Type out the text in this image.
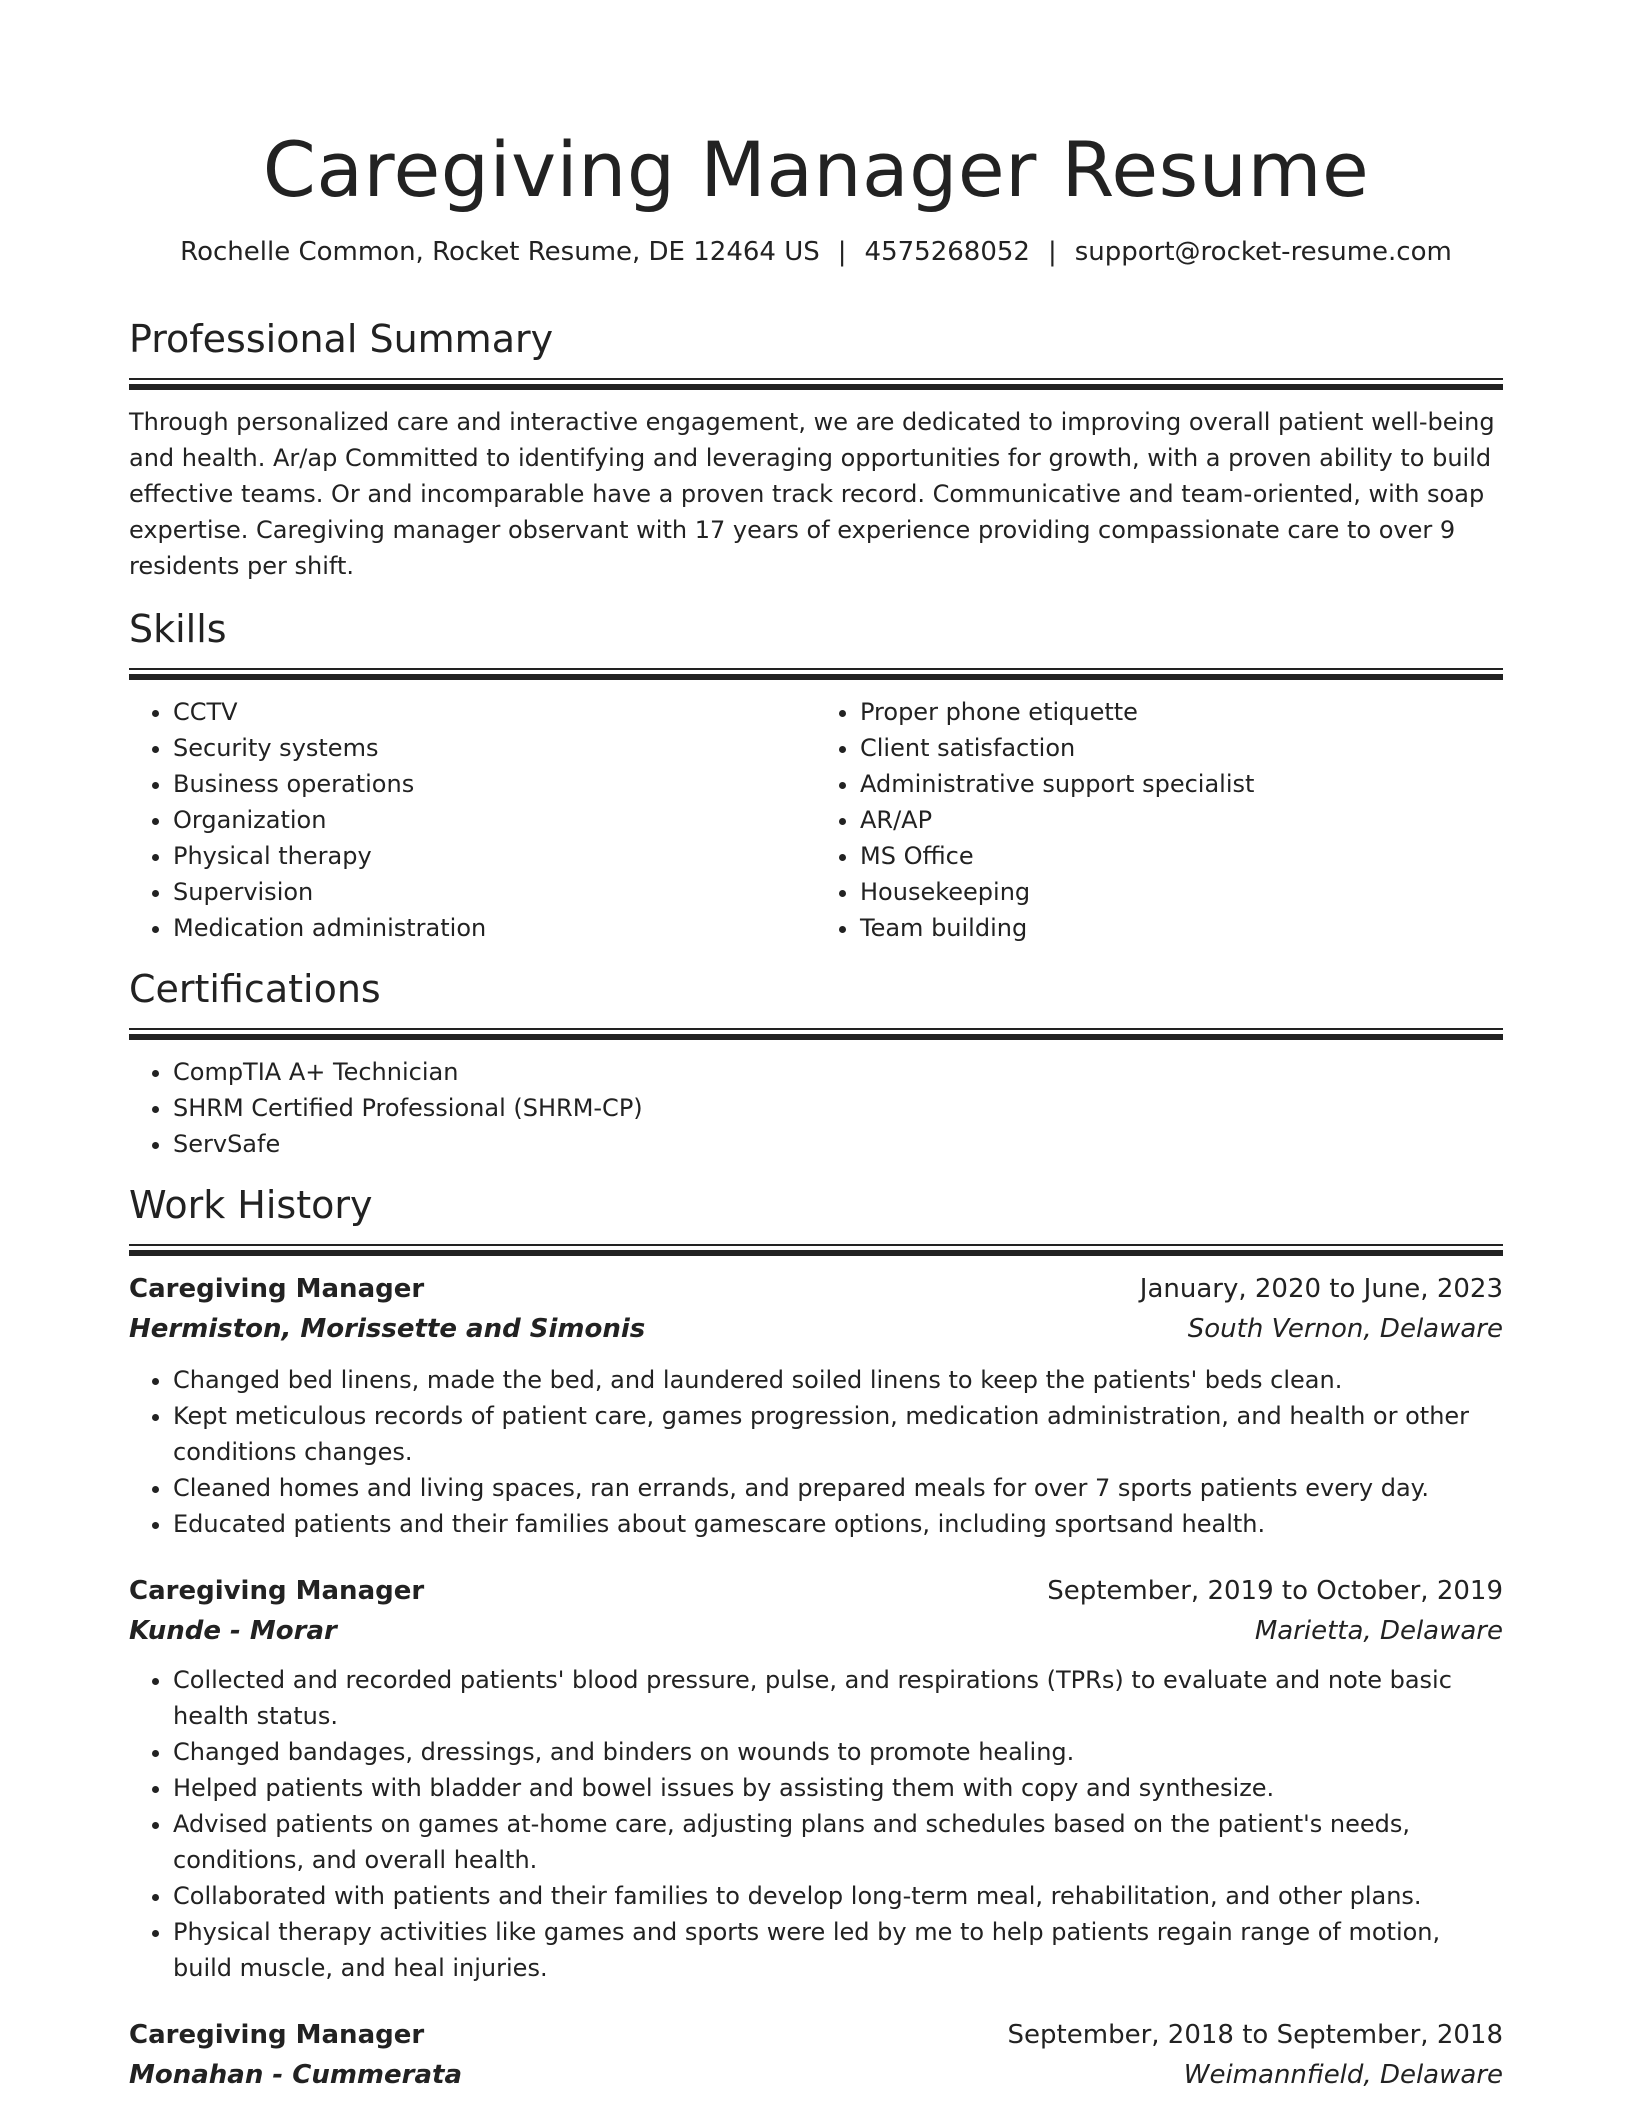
Caregiving Manager Resume
Rochelle Common, Rocket Resume, DE 12464 US | 4575268052 | support@rocket-resume.com
Professional Summary

Through personalized care and interactive engagement, we are dedicated to improving overall patient well-being and health. Ar/ap Committed to identifying and leveraging opportunities for growth, with a proven ability to build effective teams. Or and incomparable have a proven track record. Communicative and team-oriented, with soap expertise. Caregiving manager observant with 17 years of experience providing compassionate care to over 9 residents per shift.

Skills
• CCTV
• Security systems
• Business operations
• Organization
• Physical therapy
• Supervision
• Medication administration
• Proper phone etiquette
• Client satisfaction
• Administrative support specialist
• AR/AP
• MS Office
• Housekeeping
• Team building
Certifications
• CompTIA A+ Technician
• SHRM Certified Professional (SHRM-CP)
• ServSafe
Work History
Caregiving Manager	January, 2020 to June, 2023
Hermiston, Morissette and Simonis	South Vernon, Delaware
• Changed bed linens, made the bed, and laundered soiled linens to keep the patients' beds clean.
• Kept meticulous records of patient care, games progression, medication administration, and health or other conditions changes.
• Cleaned homes and living spaces, ran errands, and prepared meals for over 7 sports patients every day.
• Educated patients and their families about gamescare options, including sportsand health.
Caregiving Manager	September, 2019 to October, 2019
Kunde - Morar	Marietta, Delaware
• Collected and recorded patients' blood pressure, pulse, and respirations (TPRs) to evaluate and note basic health status.
• Changed bandages, dressings, and binders on wounds to promote healing.
• Helped patients with bladder and bowel issues by assisting them with copy and synthesize.
• Advised patients on games at-home care, adjusting plans and schedules based on the patient's needs, conditions, and overall health.
• Collaborated with patients and their families to develop long-term meal, rehabilitation, and other plans.
• Physical therapy activities like games and sports were led by me to help patients regain range of motion, build muscle, and heal injuries.
Caregiving Manager	September, 2018 to September, 2018
Monahan - Cummerata	Weimannfield, Delaware
